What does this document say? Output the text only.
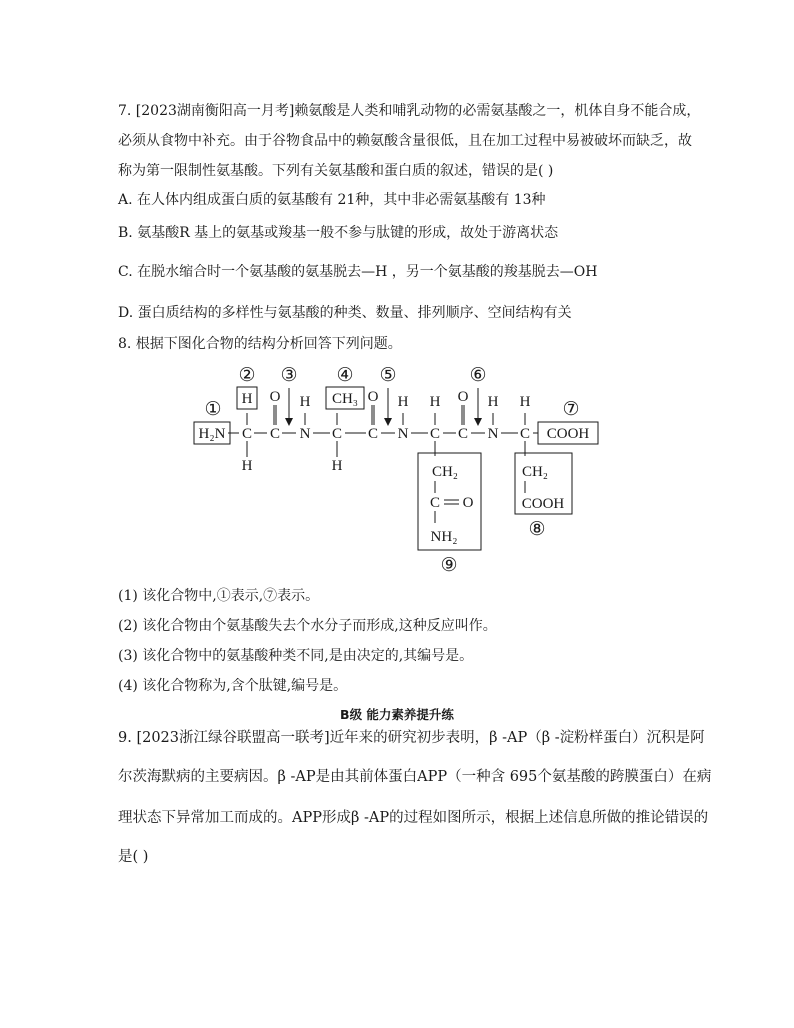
7. [2023湖南衡阳高一月考]赖氨酸是人类和哺乳动物的必需氨基酸之一，机体自身不能合成，
必须从食物中补充。由于谷物食品中的赖氨酸含量很低，且在加工过程中易被破坏而缺乏，故
称为第一限制性氨基酸。下列有关氨基酸和蛋白质的叙述，错误的是( )
A. 在人体内组成蛋白质的氨基酸有 21种，其中非必需氨基酸有 13种
B. 氨基酸R 基上的氨基或羧基一般不参与肽键的形成，故处于游离状态
C. 在脱水缩合时一个氨基酸的氨基脱去—H ，另一个氨基酸的羧基脱去—OH
D. 蛋白质结构的多样性与氨基酸的种类、数量、排列顺序、空间结构有关
8. 根据下图化合物的结构分析回答下列问题。
①
② ③ ④ ⑤	⑥
⑦
⑧
⑨
H₂N C
H
H
C
O
N
H
C
CH₃
H
C
O
N
H
C
H
C
O
N
H
C
H
COOH
CH₂
C O
NH₂
CH₂
COOH
(1) 该化合物中,①表示,⑦表示。
(2) 该化合物由个氨基酸失去个水分子而形成,这种反应叫作。
(3) 该化合物中的氨基酸种类不同,是由决定的,其编号是。
(4) 该化合物称为,含个肽键,编号是。
B级 能力素养提升练
9. [2023浙江绿谷联盟高一联考]近年来的研究初步表明，β -AP（β -淀粉样蛋白）沉积是阿
尔茨海默病的主要病因。β -AP是由其前体蛋白APP（一种含 695个氨基酸的跨膜蛋白）在病
理状态下异常加工而成的。APP形成β -AP的过程如图所示，根据上述信息所做的推论错误的
是( )
